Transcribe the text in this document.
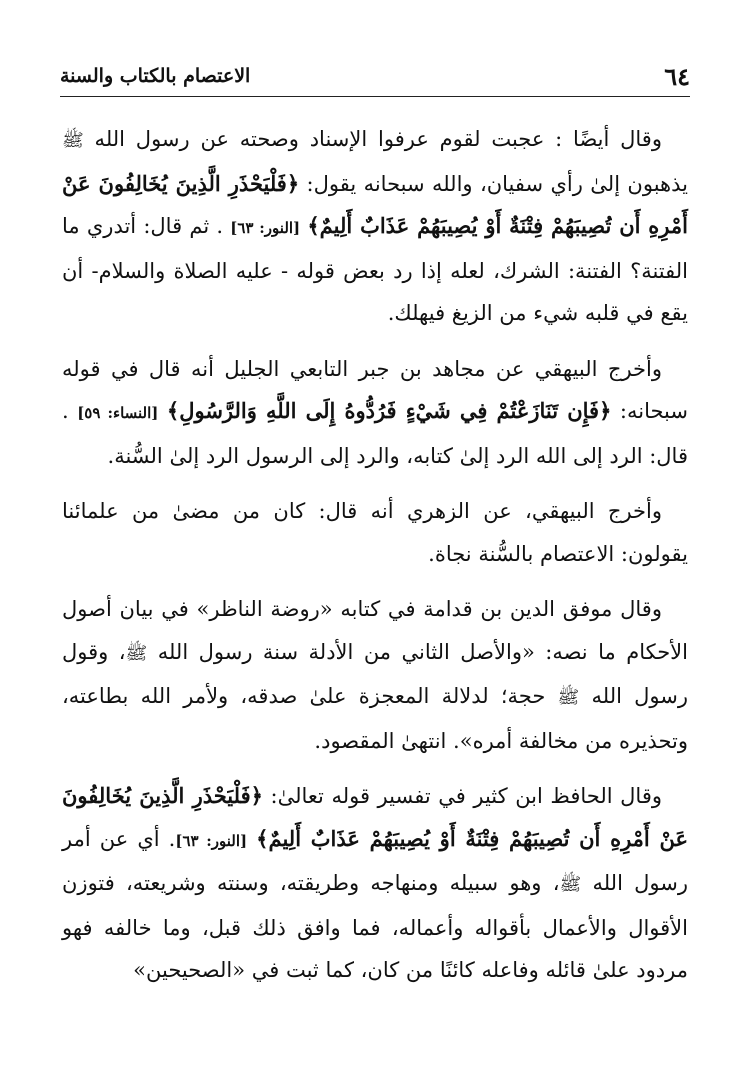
٦٤
الاعتصام بالكتاب والسنة

وقال أيضًا : عجبت لقوم عرفوا الإسناد وصحته عن رسول الله ﷺ يذهبون إلىٰ رأي سفيان، والله سبحانه يقول: ﴿فَلْيَحْذَرِ الَّذِينَ يُخَالِفُونَ عَنْ أَمْرِهِ أَن تُصِيبَهُمْ فِتْنَةٌ أَوْ يُصِيبَهُمْ عَذَابٌ أَلِيمٌ﴾ [النور: ٦٣] . ثم قال: أتدري ما الفتنة؟ الفتنة: الشرك، لعله إذا رد بعض قوله - عليه الصلاة والسلام- أن يقع في قلبه شيء من الزيغ فيهلك.

وأخرج البيهقي عن مجاهد بن جبر التابعي الجليل أنه قال في قوله سبحانه: ﴿فَإِن تَنَازَعْتُمْ فِي شَيْءٍ فَرُدُّوهُ إِلَى اللَّهِ وَالرَّسُولِ﴾ [النساء: ٥٩] . قال: الرد إلى الله الرد إلىٰ كتابه، والرد إلى الرسول الرد إلىٰ السُّنة.

وأخرج البيهقي، عن الزهري أنه قال: كان من مضىٰ من علمائنا يقولون: الاعتصام بالسُّنة نجاة.

وقال موفق الدين بن قدامة في كتابه «روضة الناظر» في بيان أصول الأحكام ما نصه: «والأصل الثاني من الأدلة سنة رسول الله ﷺ، وقول رسول الله ﷺ حجة؛ لدلالة المعجزة علىٰ صدقه، ولأمر الله بطاعته، وتحذيره من مخالفة أمره». انتهىٰ المقصود.

وقال الحافظ ابن كثير في تفسير قوله تعالىٰ: ﴿فَلْيَحْذَرِ الَّذِينَ يُخَالِفُونَ عَنْ أَمْرِهِ أَن تُصِيبَهُمْ فِتْنَةٌ أَوْ يُصِيبَهُمْ عَذَابٌ أَلِيمٌ﴾ [النور: ٦٣]. أي عن أمر رسول الله ﷺ، وهو سبيله ومنهاجه وطريقته، وسنته وشريعته، فتوزن الأقوال والأعمال بأقواله وأعماله، فما وافق ذلك قبل، وما خالفه فهو مردود علىٰ قائله وفاعله كائنًا من كان، كما ثبت في «الصحيحين»
